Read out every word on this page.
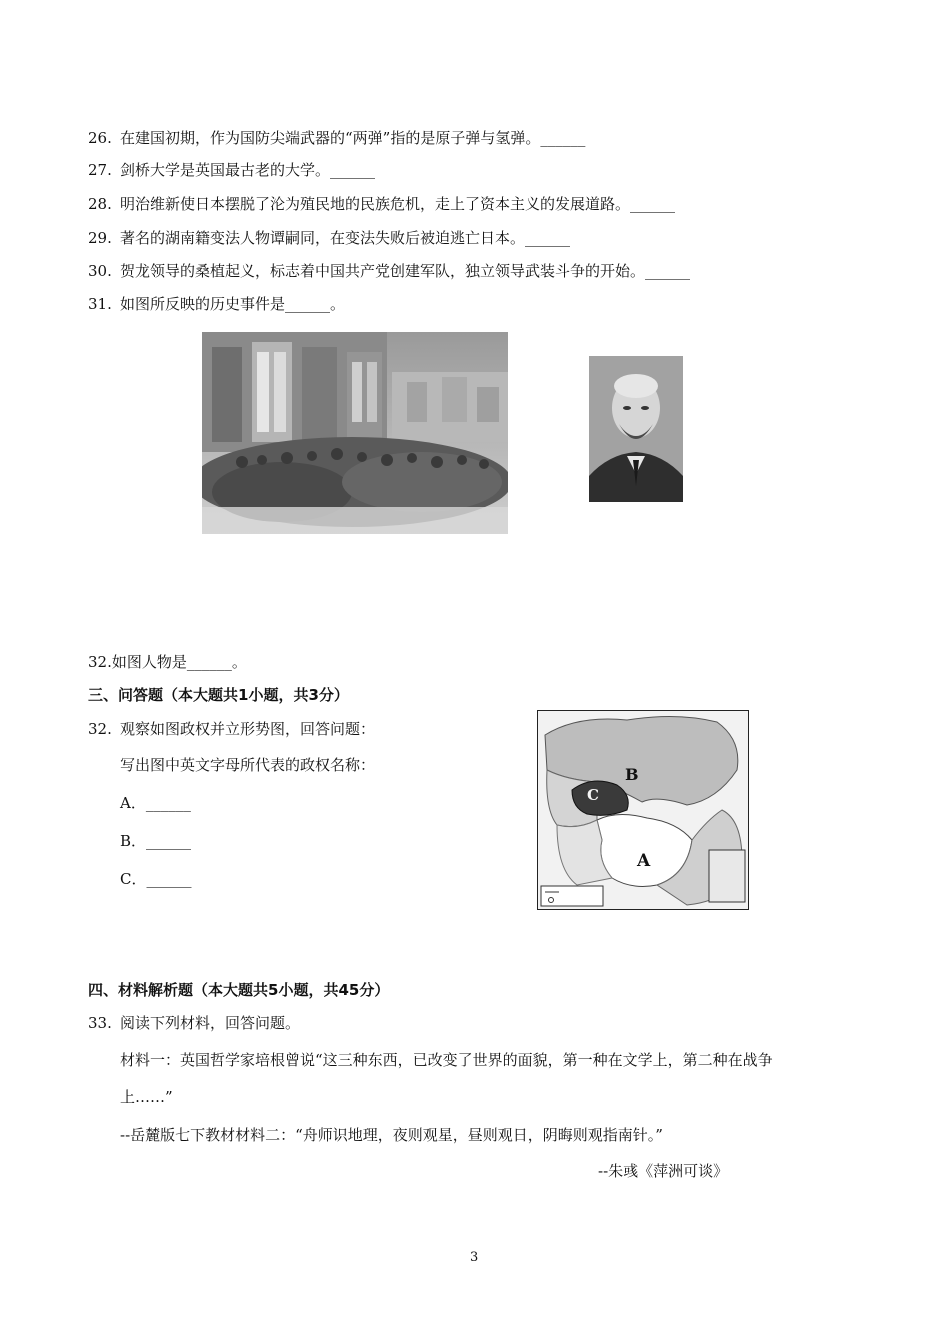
26. 在建国初期，作为国防尖端武器的“两弹”指的是原子弹与氢弹。______
27. 剑桥大学是英国最古老的大学。______
28. 明治维新使日本摆脱了沦为殖民地的民族危机，走上了资本主义的发展道路。______
29. 著名的湖南籍变法人物谭嗣同，在变法失败后被迫逃亡日本。______
30. 贺龙领导的桑植起义，标志着中国共产党创建军队，独立领导武装斗争的开始。______
31. 如图所反映的历史事件是______。
32.如图人物是______。
三、问答题（本大题共1小题，共3分）
32. 观察如图政权并立形势图，回答问题：
写出图中英文字母所代表的政权名称：
A．______
B．______
C．______
B
C
A
四、材料解析题（本大题共5小题，共45分）
33. 阅读下列材料，回答问题。
材料一：英国哲学家培根曾说“这三种东西，已改变了世界的面貌，第一种在文学上，第二种在战争
上……”
--岳麓版七下教材材料二：“舟师识地理，夜则观星，昼则观日，阴晦则观指南针。”
--朱彧《萍洲可谈》
3
